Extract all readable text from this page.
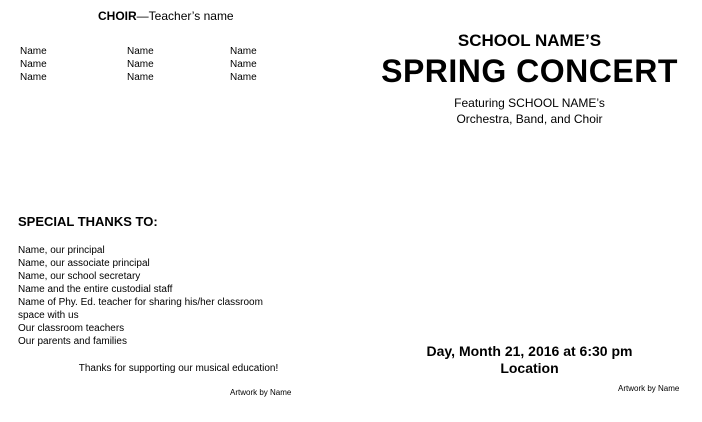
CHOIR—Teacher’s name
Name
Name
Name
Name
Name
Name
Name
Name
Name
SPECIAL THANKS TO:
Name, our principal
Name, our associate principal
Name, our school secretary
Name and the entire custodial staff
Name of Phy. Ed. teacher for sharing his/her classroom
space with us
Our classroom teachers
Our parents and families
Thanks for supporting our musical education!
Artwork by Name
SCHOOL NAME’S
SPRING CONCERT
Featuring SCHOOL NAME’s
Orchestra, Band, and Choir
Day, Month 21, 2016 at 6:30 pm
Location
Artwork by Name
